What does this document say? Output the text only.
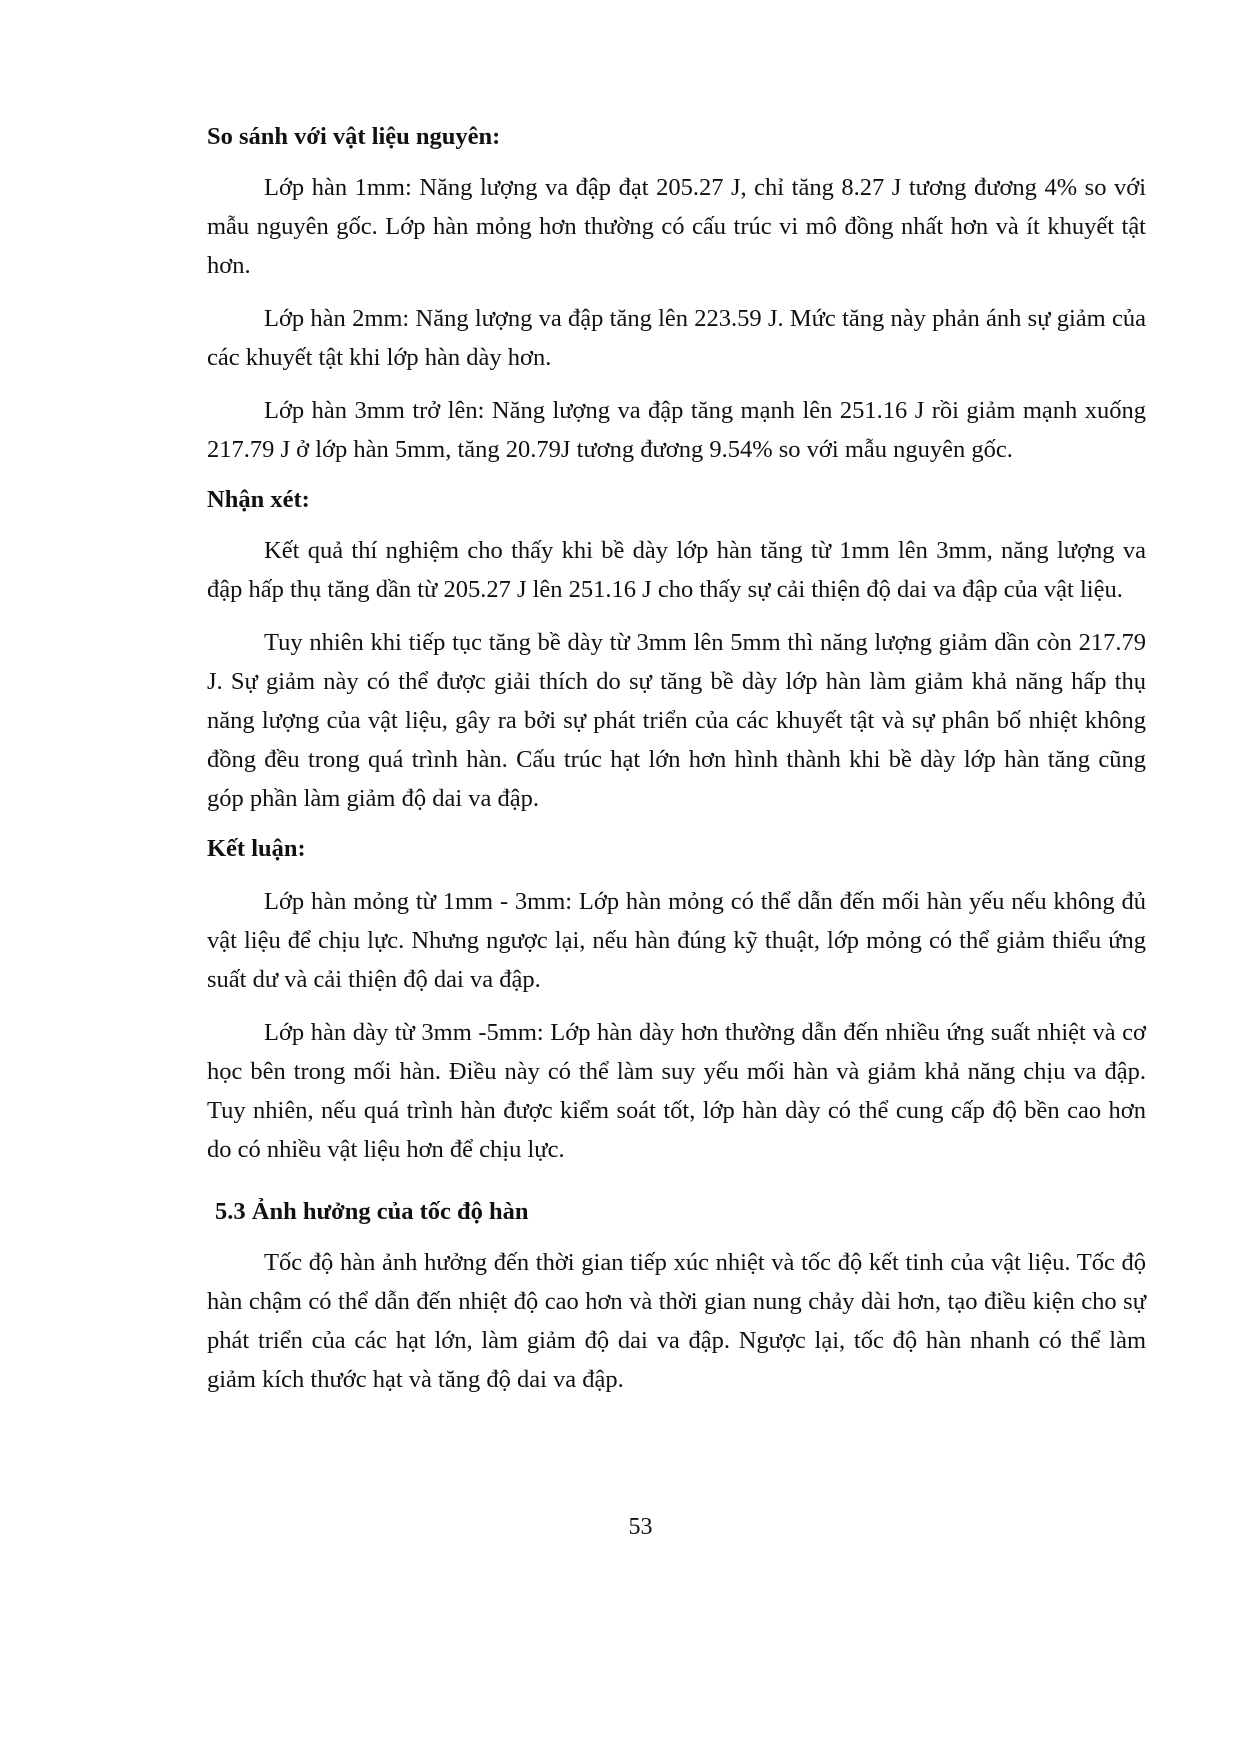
So sánh với vật liệu nguyên:

Lớp hàn 1mm: Năng lượng va đập đạt 205.27 J, chỉ tăng 8.27 J tương đương 4% so với mẫu nguyên gốc. Lớp hàn mỏng hơn thường có cấu trúc vi mô đồng nhất hơn và ít khuyết tật hơn.

Lớp hàn 2mm: Năng lượng va đập tăng lên 223.59 J. Mức tăng này phản ánh sự giảm của các khuyết tật khi lớp hàn dày hơn.

Lớp hàn 3mm trở lên: Năng lượng va đập tăng mạnh lên 251.16 J rồi giảm mạnh xuống 217.79 J ở lớp hàn 5mm, tăng 20.79J tương đương 9.54% so với mẫu nguyên gốc.

Nhận xét:

Kết quả thí nghiệm cho thấy khi bề dày lớp hàn tăng từ 1mm lên 3mm, năng lượng va đập hấp thụ tăng dần từ 205.27 J lên 251.16 J cho thấy sự cải thiện độ dai va đập của vật liệu.

Tuy nhiên khi tiếp tục tăng bề dày từ 3mm lên 5mm thì năng lượng giảm dần còn 217.79 J. Sự giảm này có thể được giải thích do sự tăng bề dày lớp hàn làm giảm khả năng hấp thụ năng lượng của vật liệu, gây ra bởi sự phát triển của các khuyết tật và sự phân bố nhiệt không đồng đều trong quá trình hàn. Cấu trúc hạt lớn hơn hình thành khi bề dày lớp hàn tăng cũng góp phần làm giảm độ dai va đập.

Kết luận:

Lớp hàn mỏng từ 1mm - 3mm: Lớp hàn mỏng có thể dẫn đến mối hàn yếu nếu không đủ vật liệu để chịu lực. Nhưng ngược lại, nếu hàn đúng kỹ thuật, lớp mỏng có thể giảm thiểu ứng suất dư và cải thiện độ dai va đập.

Lớp hàn dày từ 3mm -5mm: Lớp hàn dày hơn thường dẫn đến nhiều ứng suất nhiệt và cơ học bên trong mối hàn. Điều này có thể làm suy yếu mối hàn và giảm khả năng chịu va đập. Tuy nhiên, nếu quá trình hàn được kiểm soát tốt, lớp hàn dày có thể cung cấp độ bền cao hơn do có nhiều vật liệu hơn để chịu lực.

5.3 Ảnh hưởng của tốc độ hàn

Tốc độ hàn ảnh hưởng đến thời gian tiếp xúc nhiệt và tốc độ kết tinh của vật liệu. Tốc độ hàn chậm có thể dẫn đến nhiệt độ cao hơn và thời gian nung chảy dài hơn, tạo điều kiện cho sự phát triển của các hạt lớn, làm giảm độ dai va đập. Ngược lại, tốc độ hàn nhanh có thể làm giảm kích thước hạt và tăng độ dai va đập.

53
